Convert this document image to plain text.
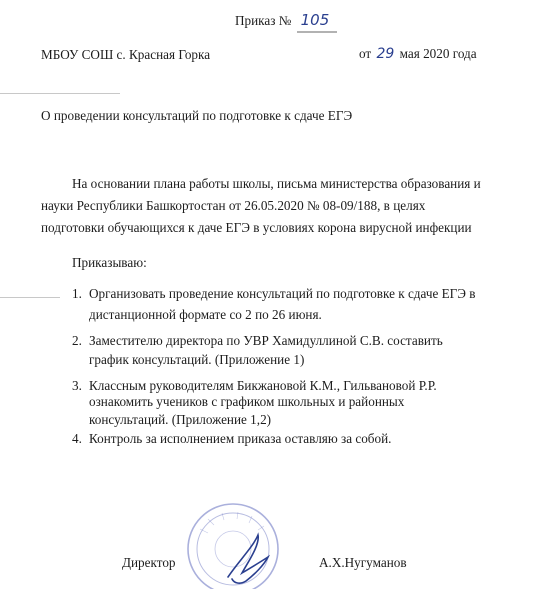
Приказ № 105
МБОУ СОШ с. Красная Горка	от 29 мая 2020 года
О проведении консультаций по подготовке к сдаче ЕГЭ
На основании плана работы школы, письма министерства образования и
науки Республики Башкортостан от 26.05.2020 № 08-09/188, в целях
подготовки обучающихся к даче ЕГЭ в условиях корона вирусной инфекции
Приказываю:
1. Организовать проведение консультаций по подготовке к сдаче ЕГЭ в
дистанционной формате со 2 по 26 июня.
2. Заместителю директора по УВР Хамидуллиной С.В. составить
график консультаций. (Приложение 1)
3. Классным руководителям Бикжановой К.М., Гильвановой Р.Р.
ознакомить учеников с графиком школьных и районных
консультаций. (Приложение 1,2)
4. Контроль за исполнением приказа оставляю за собой.
Директор	А.Х.Нугуманов
